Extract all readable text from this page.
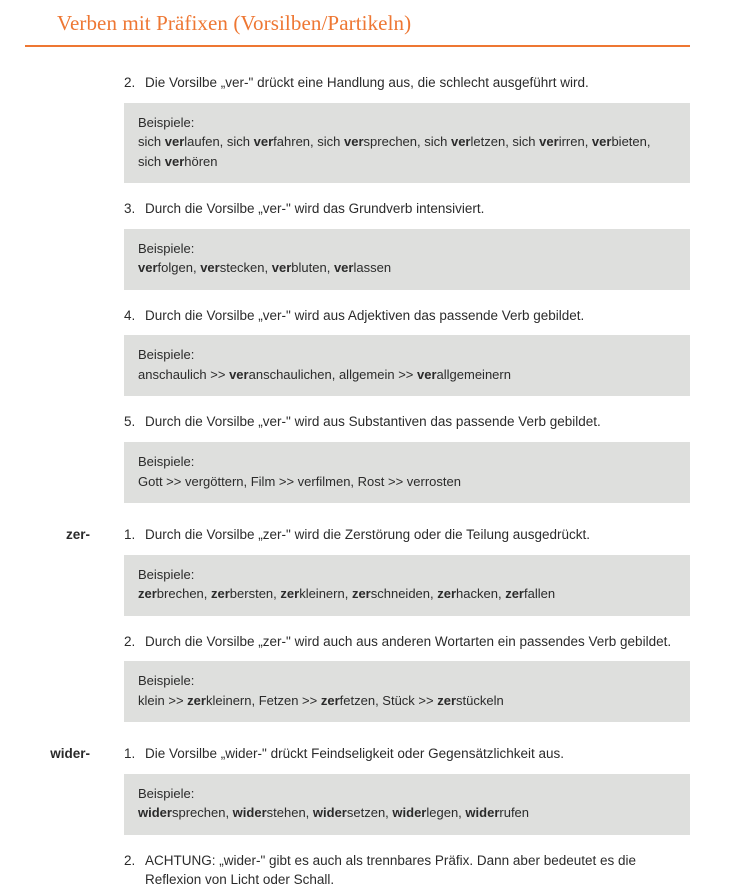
Verben mit Präfixen (Vorsilben/Partikeln)
2. Die Vorsilbe „ver-" drückt eine Handlung aus, die schlecht ausgeführt wird.
Beispiele:
sich verlaufen, sich verfahren, sich versprechen, sich verletzen, sich verirren, verbieten, sich verhören
3. Durch die Vorsilbe „ver-" wird das Grundverb intensiviert.
Beispiele:
verfolgen, verstecken, verbluten, verlassen
4. Durch die Vorsilbe „ver-" wird aus Adjektiven das passende Verb gebildet.
Beispiele:
anschaulich >> veranschaulichen, allgemein >> verallgemeinern
5. Durch die Vorsilbe „ver-" wird aus Substantiven das passende Verb gebildet.
Beispiele:
Gott >> vergöttern, Film >> verfilmen, Rost >> verrosten
zer-	1. Durch die Vorsilbe „zer-" wird die Zerstörung oder die Teilung ausgedrückt.
Beispiele:
zerbrechen, zerbersten, zerkleinern, zerschneiden, zerhacken, zerfallen
2. Durch die Vorsilbe „zer-" wird auch aus anderen Wortarten ein passendes Verb gebildet.
Beispiele:
klein >> zerkleinern, Fetzen >> zerfetzen, Stück >> zerstückeln
wider-	1. Die Vorsilbe „wider-" drückt Feindseligkeit oder Gegensätzlichkeit aus.
Beispiele:
widersprechen, widerstehen, widersetzen, widerlegen, widerrufen
2. ACHTUNG: „wider-" gibt es auch als trennbares Präfix. Dann aber bedeutet es die Reflexion von Licht oder Schall.
